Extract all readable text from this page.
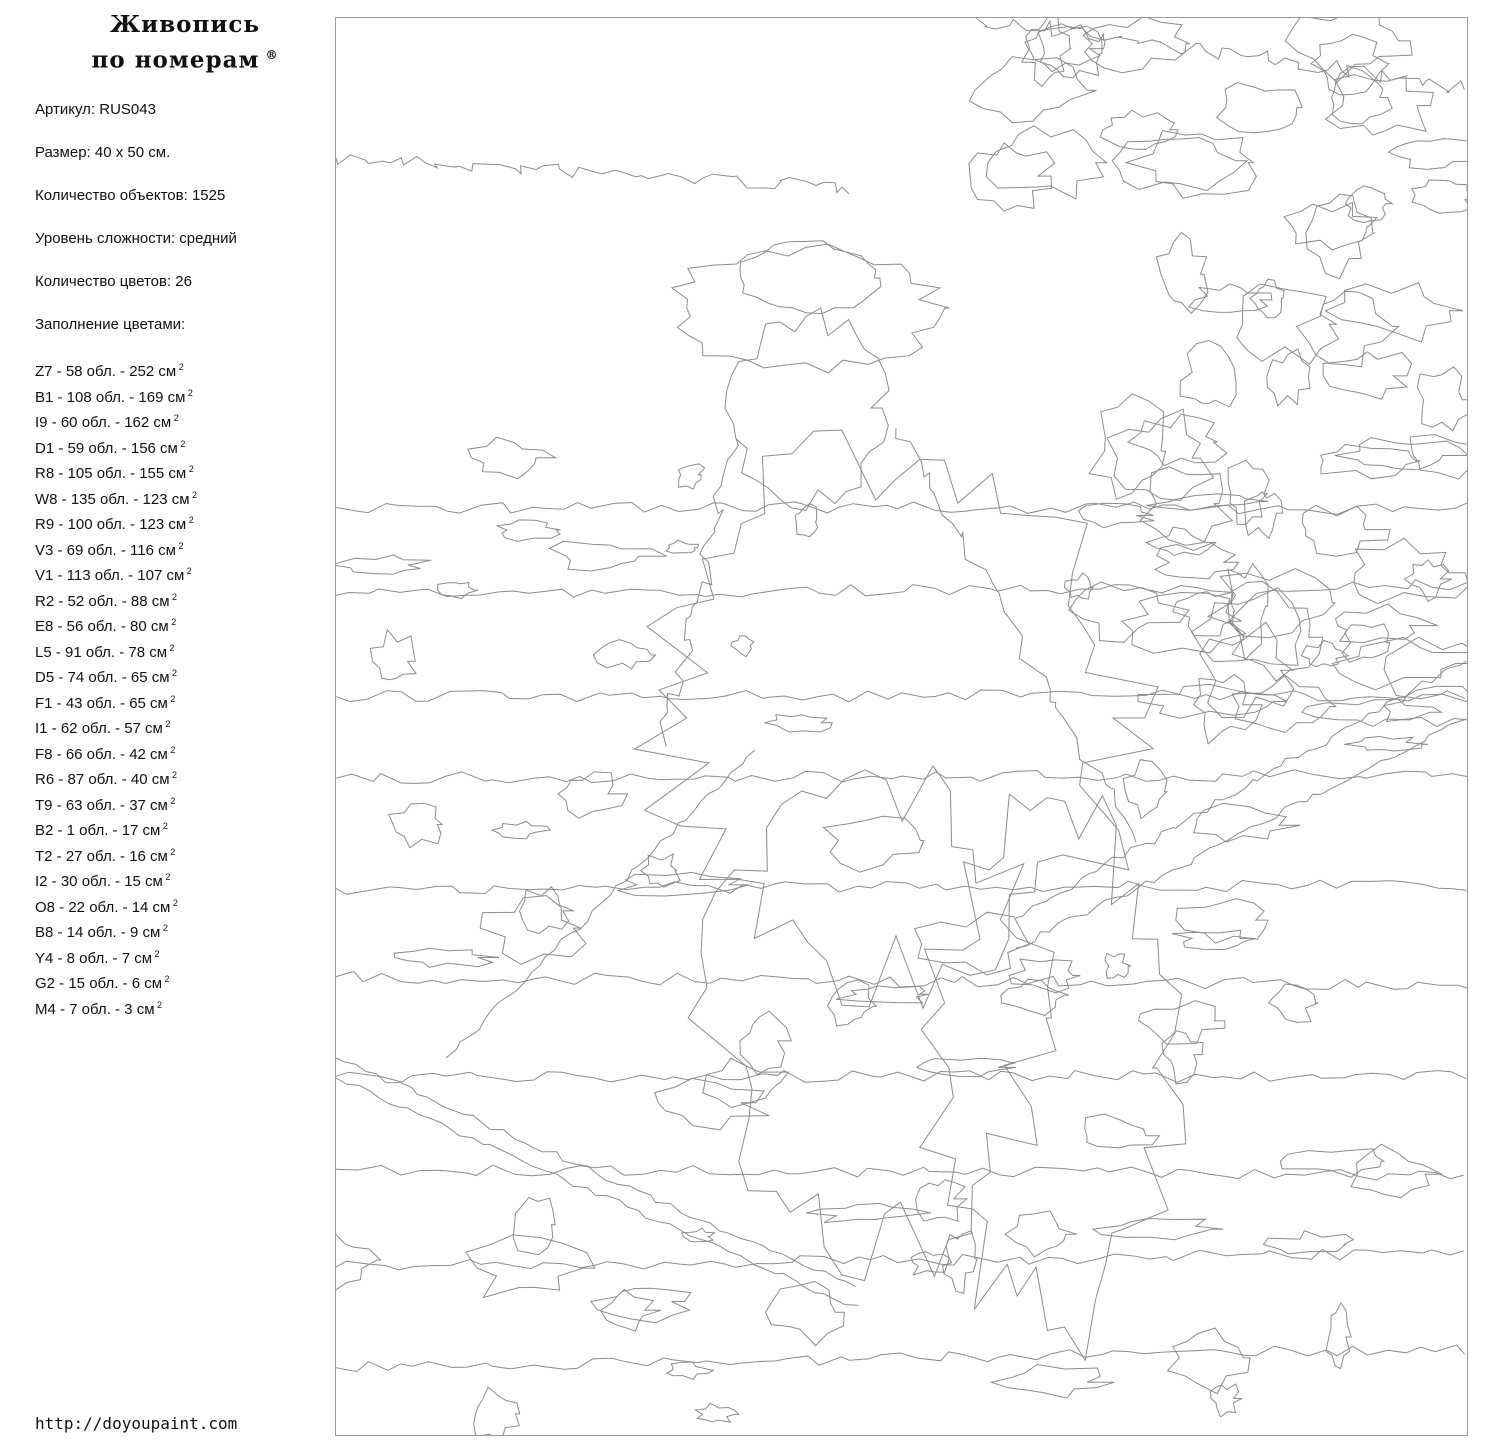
Живопись
по номерам ®
Артикул: RUS043
Размер: 40 х 50 см.
Количество объектов: 1525
Уровень сложности: средний
Количество цветов: 26
Заполнение цветами:
Z7 - 58 обл. - 252 см $^2$
B1 - 108 обл. - 169 см $^2$
I9 - 60 обл. - 162 см $^2$
D1 - 59 обл. - 156 см $^2$
R8 - 105 обл. - 155 см $^2$
W8 - 135 обл. - 123 см $^2$
R9 - 100 обл. - 123 см $^2$
V3 - 69 обл. - 116 см $^2$
V1 - 113 обл. - 107 см $^2$
R2 - 52 обл. - 88 см $^2$
E8 - 56 обл. - 80 см $^2$
L5 - 91 обл. - 78 см $^2$
D5 - 74 обл. - 65 см $^2$
F1 - 43 обл. - 65 см $^2$
I1 - 62 обл. - 57 см $^2$
F8 - 66 обл. - 42 см $^2$
R6 - 87 обл. - 40 см $^2$
T9 - 63 обл. - 37 см $^2$
B2 - 1 обл. - 17 см $^2$
T2 - 27 обл. - 16 см $^2$
I2 - 30 обл. - 15 см $^2$
O8 - 22 обл. - 14 см $^2$
B8 - 14 обл. - 9 см $^2$
Y4 - 8 обл. - 7 см $^2$
G2 - 15 обл. - 6 см $^2$
M4 - 7 обл. - 3 см $^2$
http://doyoupaint.com
